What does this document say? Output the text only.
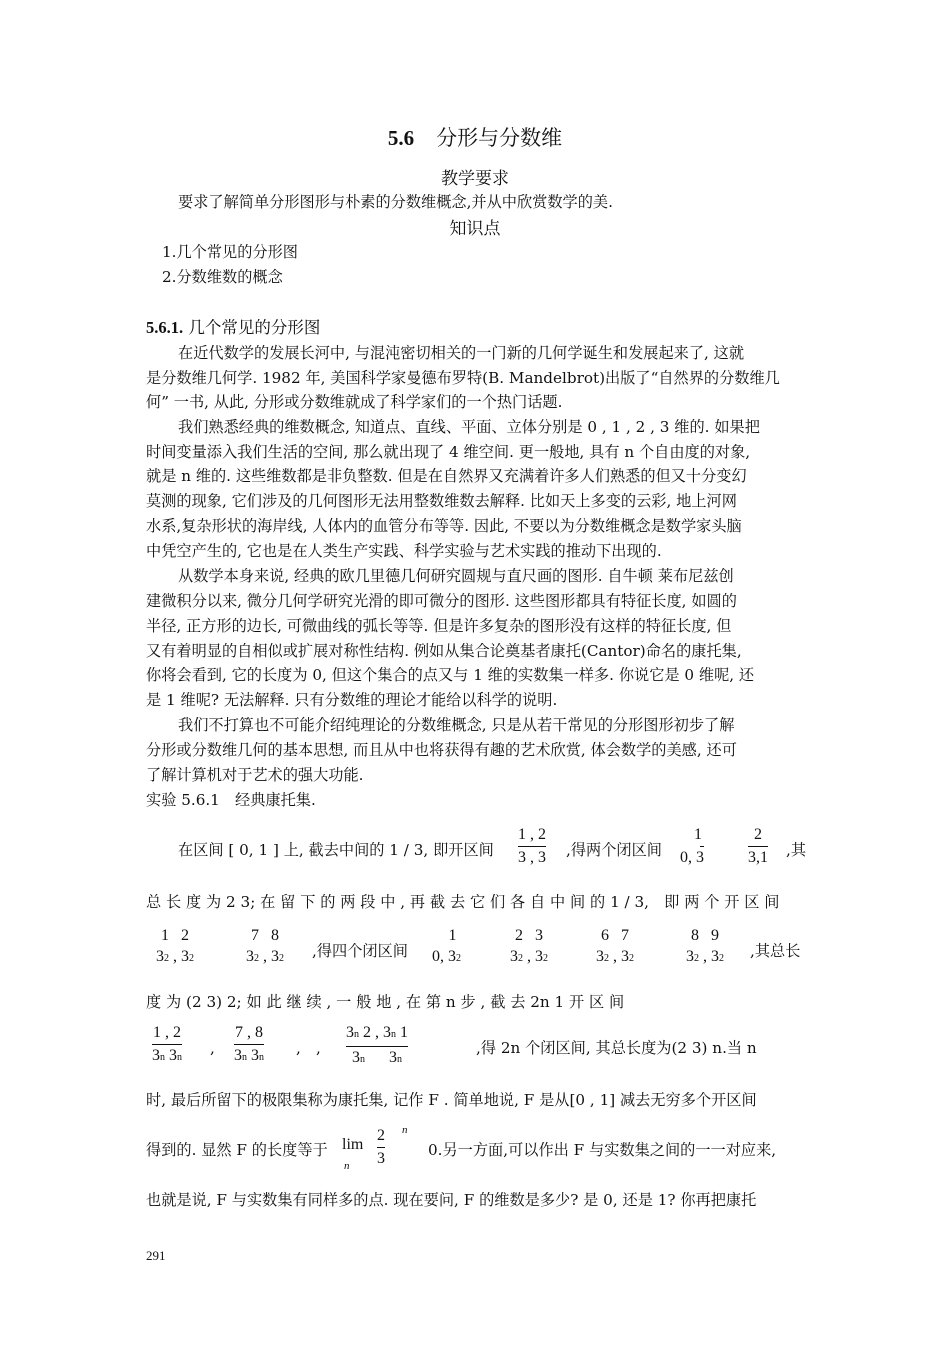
5.6 分形与分数维
教学要求
要求了解简单分形图形与朴素的分数维概念,并从中欣赏数学的美.
知识点
1.几个常见的分形图
2.分数维数的概念
5.6.1. 几个常见的分形图
在近代数学的发展长河中, 与混沌密切相关的一门新的几何学诞生和发展起来了, 这就
是分数维几何学. 1982 年, 美国科学家曼德布罗特(B. Mandelbrot)出版了“自然界的分数维几
何” 一书, 从此, 分形或分数维就成了科学家们的一个热门话题.
我们熟悉经典的维数概念, 知道点、直线、平面、立体分别是 0 , 1 , 2 , 3 维的. 如果把
时间变量添入我们生活的空间, 那么就出现了 4 维空间. 更一般地, 具有 n 个自由度的对象,
就是 n 维的. 这些维数都是非负整数. 但是在自然界又充满着许多人们熟悉的但又十分变幻
莫测的现象, 它们涉及的几何图形无法用整数维数去解释. 比如天上多变的云彩, 地上河网
水系,复杂形状的海岸线, 人体内的血管分布等等. 因此, 不要以为分数维概念是数学家头脑
中凭空产生的, 它也是在人类生产实践、科学实验与艺术实践的推动下出现的.
从数学本身来说, 经典的欧几里德几何研究圆规与直尺画的图形. 自牛顿 莱布尼兹创
建微积分以来, 微分几何学研究光滑的即可微分的图形. 这些图形都具有特征长度, 如圆的
半径, 正方形的边长, 可微曲线的弧长等等. 但是许多复杂的图形没有这样的特征长度, 但
又有着明显的自相似或扩展对称性结构. 例如从集合论奠基者康托(Cantor)命名的康托集,
你将会看到, 它的长度为 0, 但这个集合的点又与 1 维的实数集一样多. 你说它是 0 维呢, 还
是 1 维呢? 无法解释. 只有分数维的理论才能给以科学的说明.
我们不打算也不可能介绍纯理论的分数维概念, 只是从若干常见的分形图形初步了解
分形或分数维几何的基本思想, 而且从中也将获得有趣的艺术欣赏, 体会数学的美感, 还可
了解计算机对于艺术的强大功能.
实验 5.6.1　经典康托集.
在区间 [ 0, 1 ] 上, 截去中间的 1 / 3, 即开区间
1 , 2
3 , 3 ,得两个闭区间
1
0, 3
2
3,1 ,其
总 长 度 为 2 3; 在 留 下 的 两 段 中 , 再 截 去 它 们 各 自 中 间 的 1 / 3,　即 两 个 开 区 间
1   2
32 , 32
7   8
32 , 32 ,得四个闭区间
1
0, 32
2   3
32 , 32
6   7
32 , 32
8   9
32 , 32 ,其总长
度 为 (2 3) 2; 如 此 继 续 , 一 般 地 , 在 第 n 步 , 截 去 2n 1 开 区 间
1 , 2
3n 3n
,
7 , 8
3n 3n
,　,
3n 2 , 3n 1
3n      3n
,得 2n 个闭区间, 其总长度为(2 3) n.当 n
时, 最后所留下的极限集称为康托集, 记作 F . 简单地说, F 是从[0 , 1] 减去无穷多个开区间
得到的. 显然 F 的长度等于 lim
n
2
3
n
0.另一方面,可以作出 F 与实数集之间的一一对应来,
也就是说, F 与实数集有同样多的点. 现在要问, F 的维数是多少? 是 0, 还是 1? 你再把康托
291
